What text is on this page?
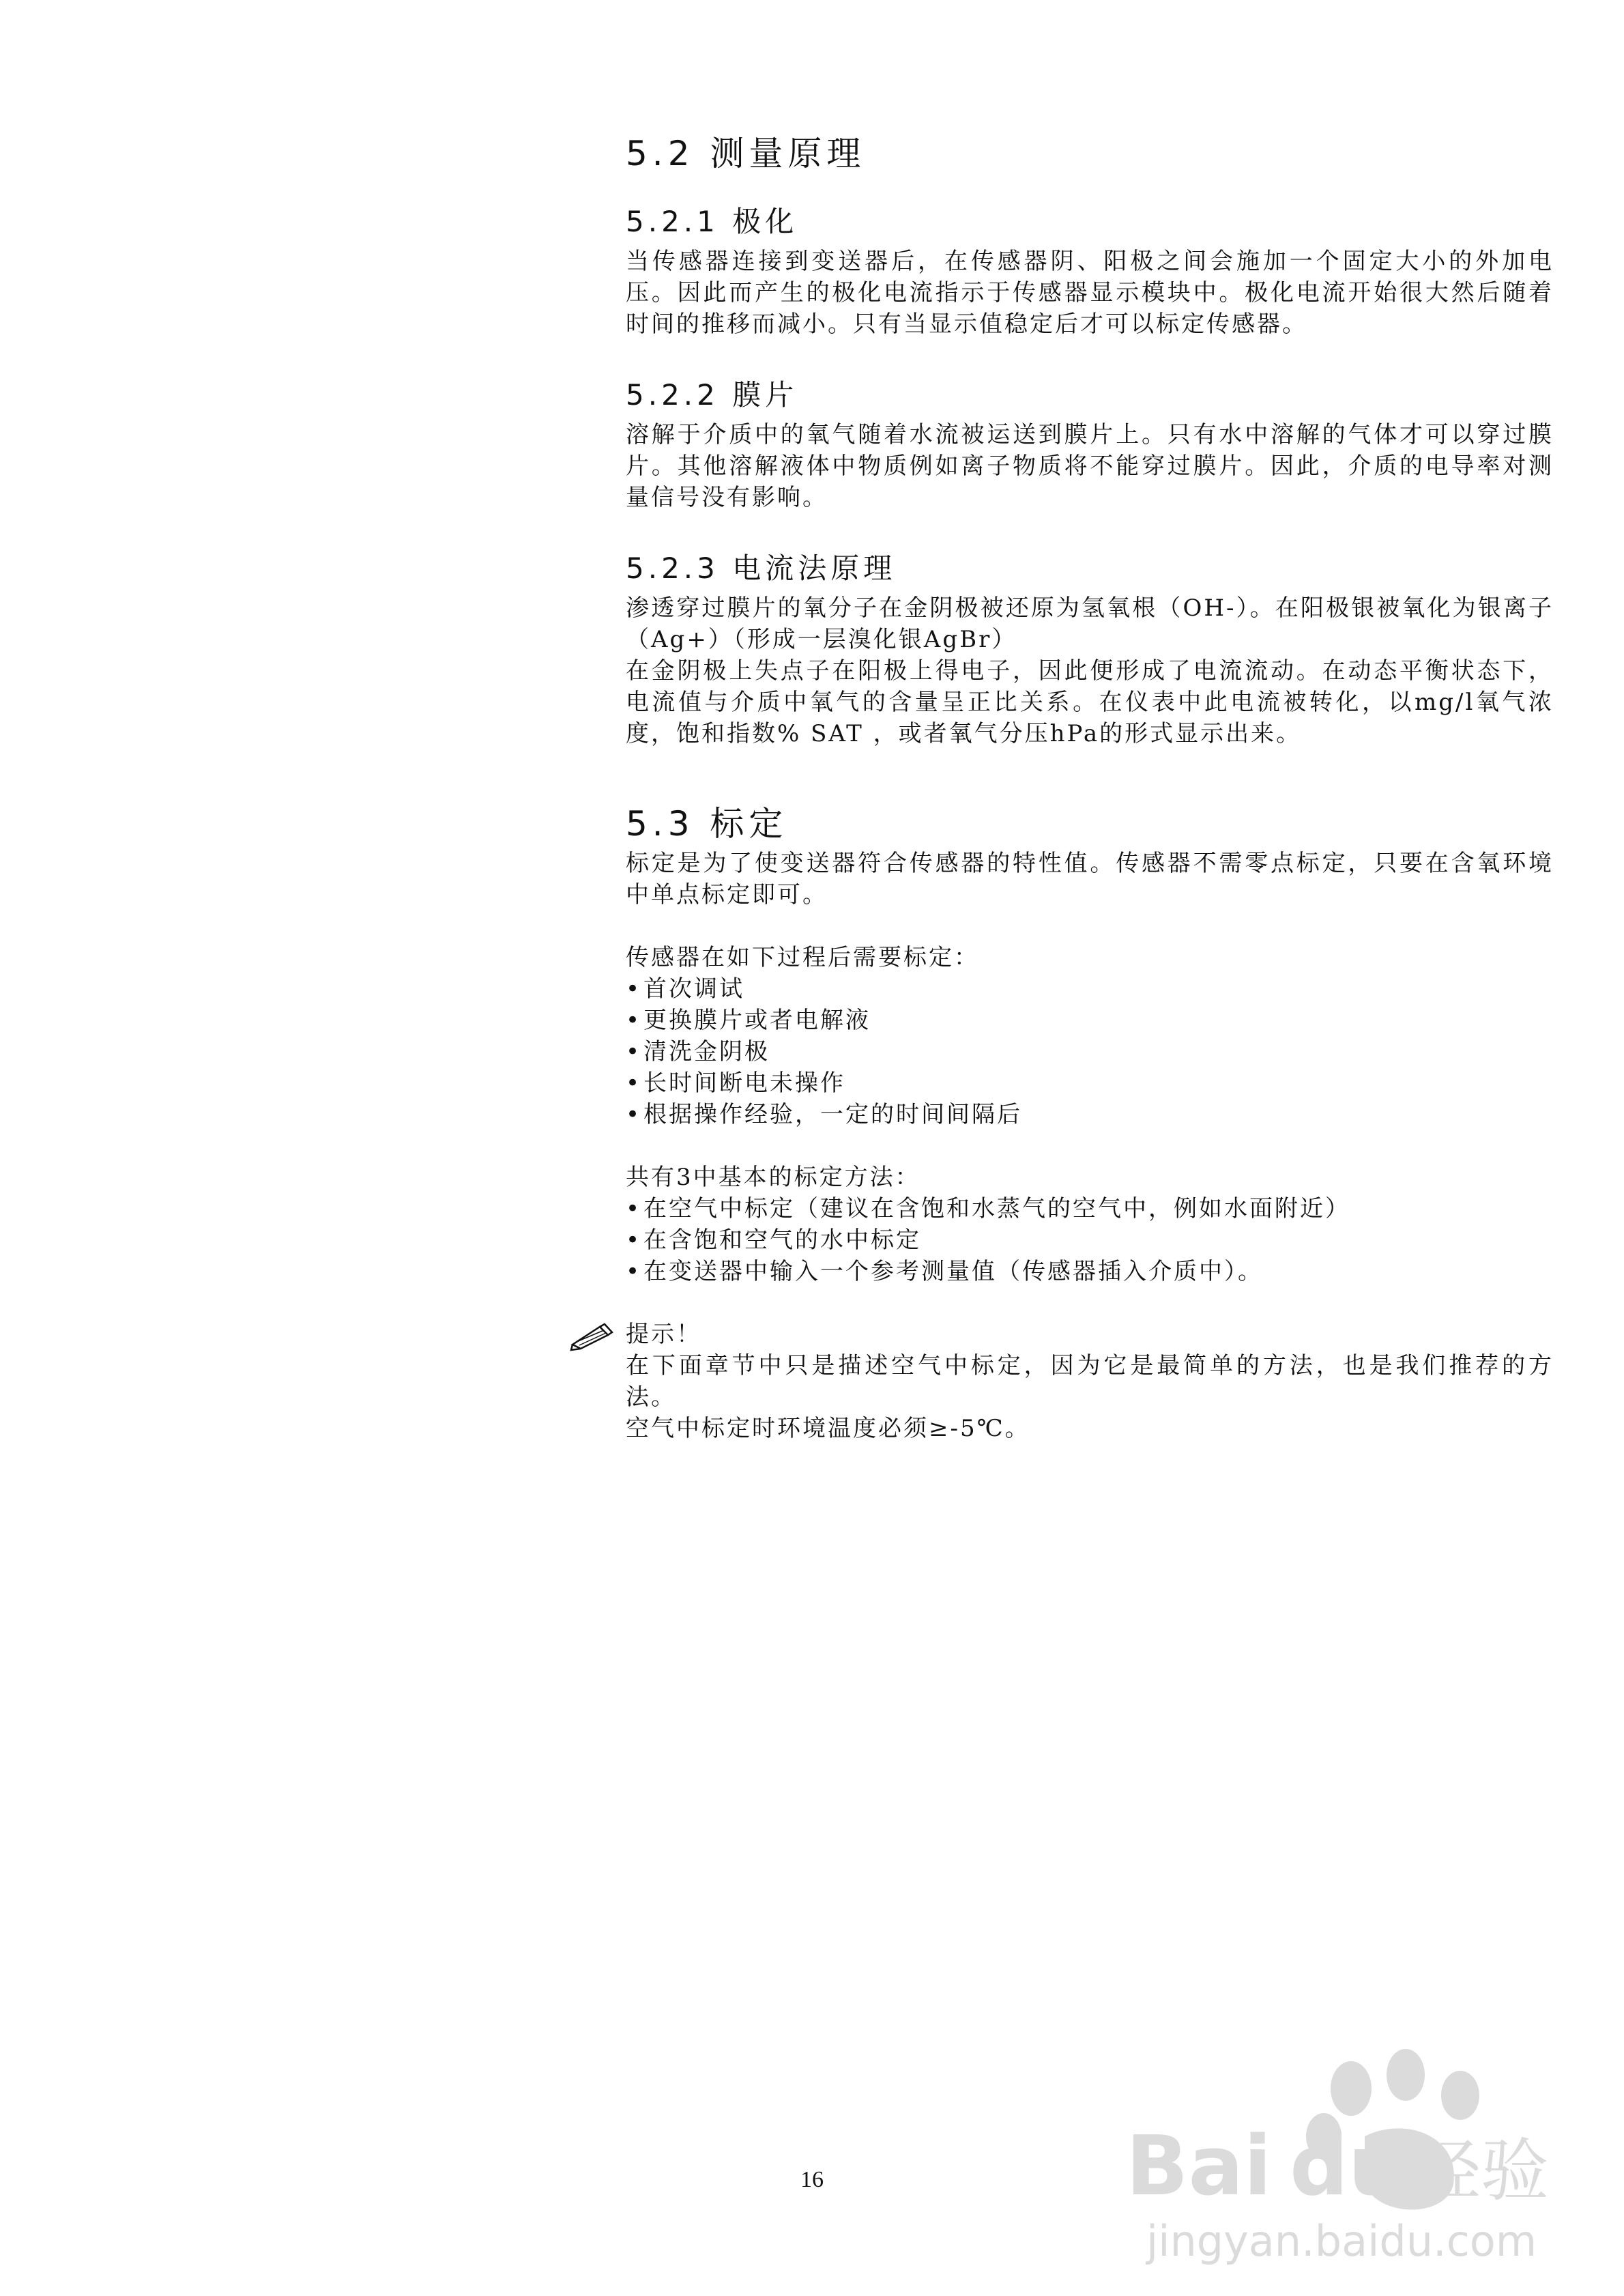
5.2 测量原理
5.2.1 极化

当传感器连接到变送器后，在传感器阴、阳极之间会施加一个固定大小的外加电压。因此而产生的极化电流指示于传感器显示模块中。极化电流开始很大然后随着时间的推移而减小。只有当显示值稳定后才可以标定传感器。

5.2.2 膜片

溶解于介质中的氧气随着水流被运送到膜片上。只有水中溶解的气体才可以穿过膜片。其他溶解液体中物质例如离子物质将不能穿过膜片。因此，介质的电导率对测量信号没有影响。

5.2.3 电流法原理

渗透穿过膜片的氧分子在金阴极被还原为氢氧根（OH-）。在阳极银被氧化为银离子（Ag+）（形成一层溴化银AgBr）

在金阴极上失点子在阳极上得电子，因此便形成了电流流动。在动态平衡状态下，电流值与介质中氧气的含量呈正比关系。在仪表中此电流被转化，以mg/l氧气浓度，饱和指数% SAT ，或者氧气分压hPa的形式显示出来。

5.3 标定

标定是为了使变送器符合传感器的特性值。传感器不需零点标定，只要在含氧环境中单点标定即可。

传感器在如下过程后需要标定：

•首次调试
•更换膜片或者电解液
•清洗金阴极
•长时间断电未操作
•根据操作经验，一定的时间间隔后

共有3中基本的标定方法：

•在空气中标定（建议在含饱和水蒸气的空气中，例如水面附近）
•在含饱和空气的水中标定
•在变送器中输入一个参考测量值（传感器插入介质中）。

提示！

在下面章节中只是描述空气中标定，因为它是最简单的方法，也是我们推荐的方法。

空气中标定时环境温度必须≥-5℃。

16	Bai du 经验
jingyan.baidu.com
